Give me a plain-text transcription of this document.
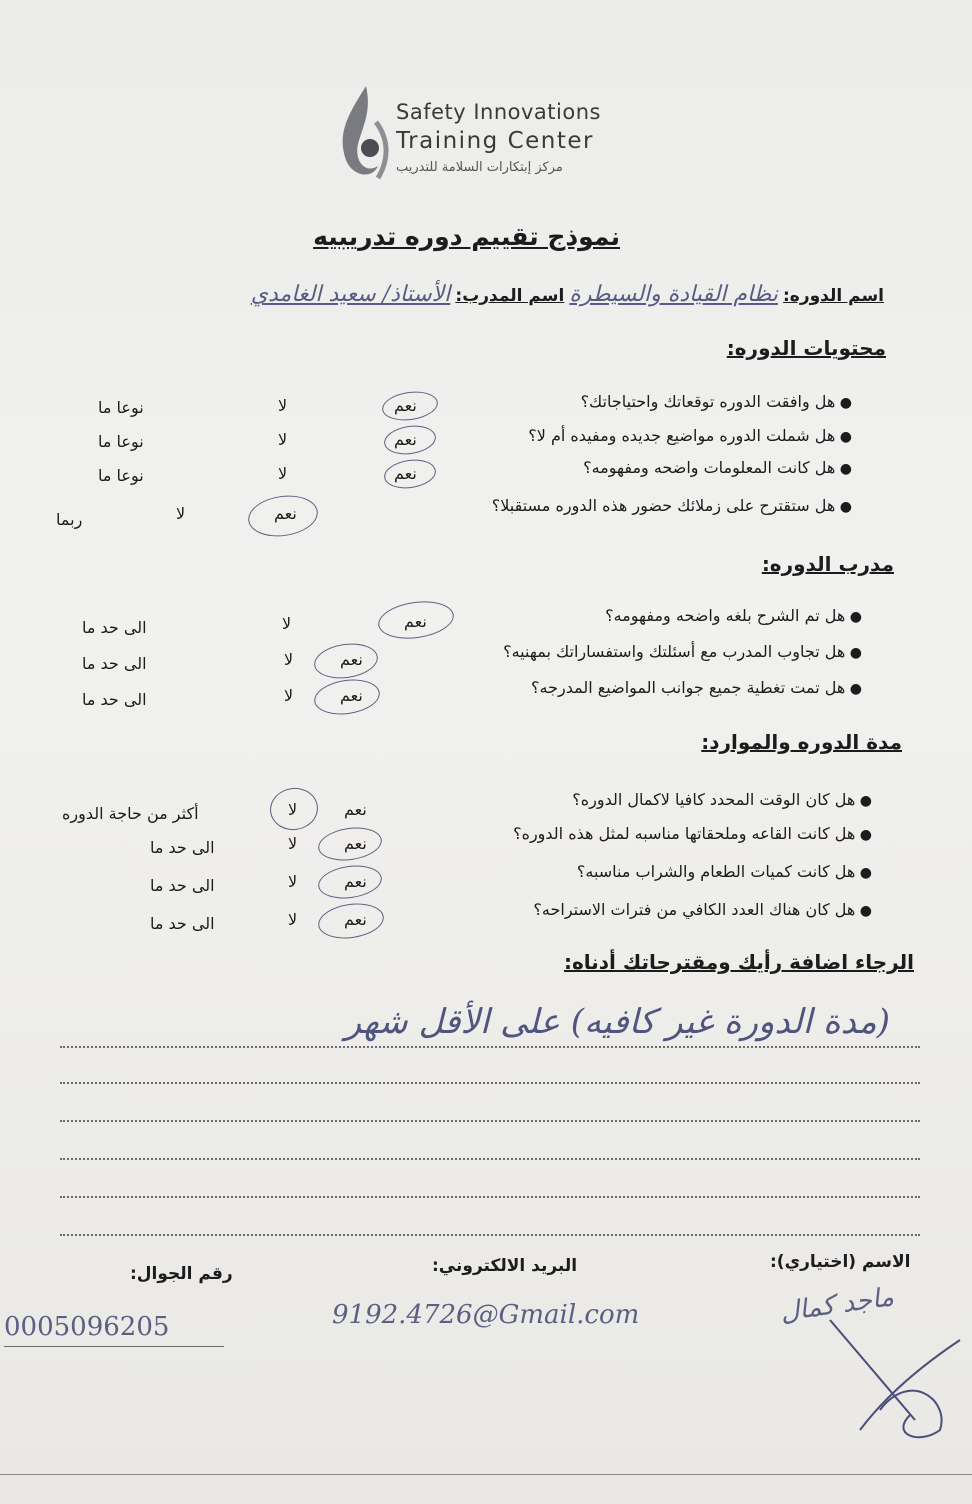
Safety Innovations
Training Center
مركز إبتكارات السلامة للتدريب
نموذج تقييم دوره تدريبيه
اسم الدوره: نظام القيادة والسيطرة اسم المدرب: الأستاذ/ سعيد الغامدي
محتويات الدوره:
● هل وافقت الدوره توقعاتك واحتياجاتك؟
نعم
لا
نوعا ما
● هل شملت الدوره مواضيع جديده ومفيده أم لا؟
نعم
لا
نوعا ما
● هل كانت المعلومات واضحه ومفهومه؟
نعم
لا
نوعا ما
● هل ستقترح على زملائك حضور هذه الدوره مستقبلا؟
نعم
لا
ربما
مدرب الدوره:
● هل تم الشرح بلغه واضحه ومفهومه؟
نعم
لا
الى حد ما
● هل تجاوب المدرب مع أسئلتك واستفساراتك بمهنيه؟
نعم
لا
الى حد ما
● هل تمت تغطية جميع جوانب المواضيع المدرجه؟
نعم
لا
الى حد ما
مدة الدوره والموارد:
● هل كان الوقت المحدد كافيا لاكمال الدوره؟
نعم
لا
أكثر من حاجة الدوره
● هل كانت القاعه وملحقاتها مناسبه لمثل هذه الدوره؟
نعم
لا
الى حد ما
● هل كانت كميات الطعام والشراب مناسبه؟
نعم
لا
الى حد ما
● هل كان هناك العدد الكافي من فترات الاستراحه؟
نعم
لا
الى حد ما
الرجاء اضافة رأيك ومقترحاتك أدناه:
(مدة الدورة غير كافيه) على الأقل شهر
الاسم (اختياري):
البريد الالكتروني:
رقم الجوال:
ماجد كمال
9192.4726@Gmail.com
0005096205
